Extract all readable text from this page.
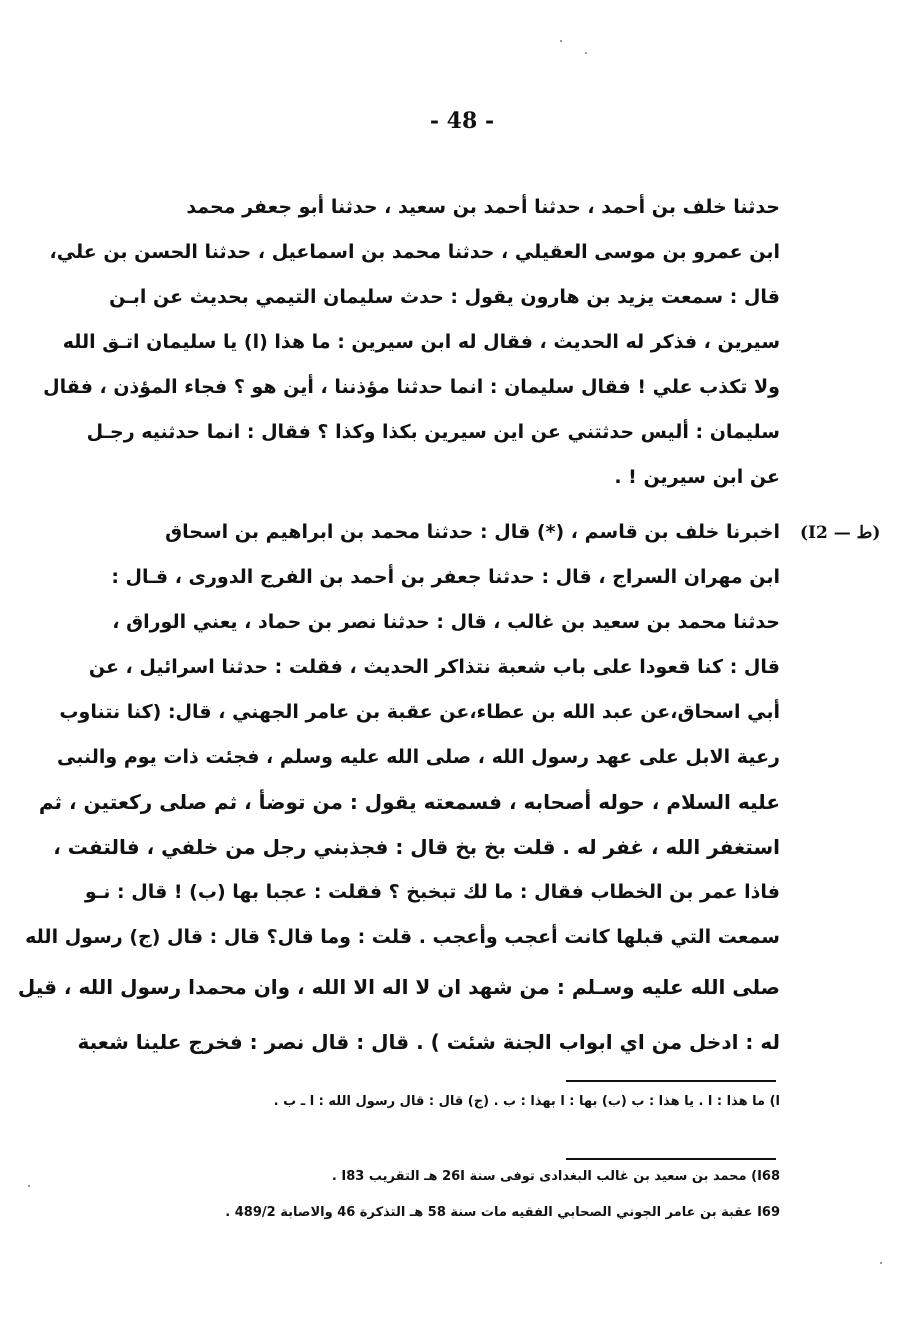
- 48 -
حدثنا خلف بن أحمد ، حدثنا أحمد بن سعيد ، حدثنا أبو جعفر محمد
ابن عمرو بن موسى العقيلي ، حدثنا محمد بن اسماعيل ، حدثنا الحسن بن علي،
قال : سمعت يزيد بن هارون يقول : حدث سليمان التيمي بحديث عن ابـن
سيرين ، فذكر له الحديث ، فقال له ابن سيرين : ما هذا (ا) يا سليمان اتـق الله
ولا تكذب علي ! فقال سليمان : انما حدثنا مؤذننا ، أين هو ؟ فجاء المؤذن ، فقال
سليمان : أليس حدثتني عن اين سيرين بكذا وكذا ؟ فقال : انما حدثنيه رجـل
عن ابن سيرين ! .
(I2 — ط)
اخبرنا خلف بن قاسم ، (*) قال : حدثنا محمد بن ابراهيم بن اسحاق
ابن مهران السراج ، قال : حدثنا جعفر بن أحمد بن الفرج الدورى ، قـال :
حدثنا محمد بن سعيد بن غالب ، قال : حدثنا نصر بن حماد ، يعني الوراق ،
قال : كنا قعودا على باب شعبة نتذاكر الحديث ، فقلت : حدثنا اسرائيل ، عن
أبي اسحاق،عن عبد الله بن عطاء،عن عقبة بن عامر الجهني ، قال: (كنا نتناوب
رعية الابل على عهد رسول الله ، صلى الله عليه وسلم ، فجئت ذات يوم والنبى
عليه السلام ، حوله أصحابه ، فسمعته يقول : من توضأ ، ثم صلى ركعتين ، ثم
استغفر الله ، غفر له . قلت بخ بخ قال : فجذبني رجل من خلفي ، فالتفت ،
فاذا عمر بن الخطاب فقال : ما لك تبخبخ ؟ فقلت : عجبا بها (ب) ! قال : نـو
سمعت التي قبلها كانت أعجب وأعجب . قلت : وما قال؟ قال : قال (ج) رسول الله
صلى الله عليه وسـلم : من شهد ان لا اله الا الله ، وان محمدا رسول الله ، قيل
له : ادخل من اي ابواب الجنة شئت ) . قال : قال نصر : فخرج علينا شعبة
ا) ما هذا : ا . يا هذا : ب (ب) بها : ا بهذا : ب . (ج) قال : قال رسول الله : ا ـ ب .
I68) محمد بن سعيد بن غالب البغدادى توفى سنة 26I هـ التقريب I83 .
I69 عقبة بن عامر الجوني الصحابي الفقيه مات سنة 58 هـ التذكرة 46 والاصابة 489/2 .
